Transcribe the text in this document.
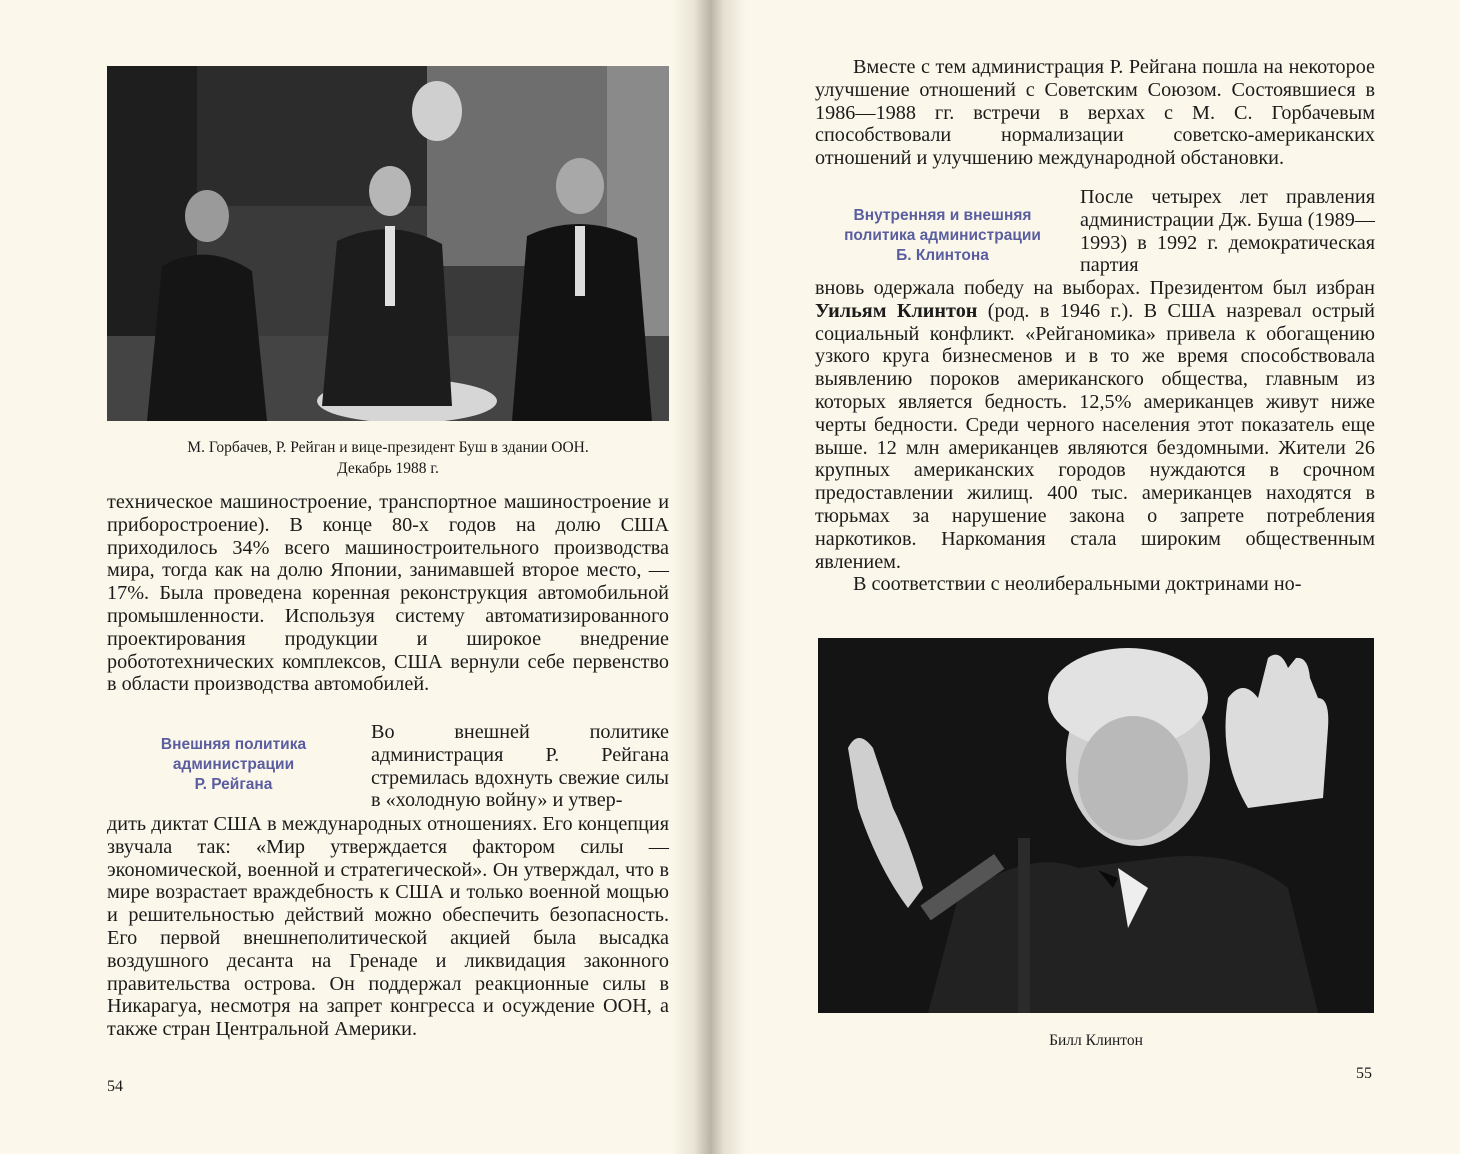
М. Горбачев, Р. Рейган и вице-президент Буш в здании ООН.
Декабрь 1988 г.

техническое машиностроение, транспортное машиностроение и приборостроение). В конце 80-х годов на долю США приходилось 34% всего машиностроительного производства мира, тогда как на долю Японии, занимавшей второе место, — 17%. Была проведена коренная реконструкция автомобильной промышленности. Используя систему автоматизированного проектирования продукции и широкое внедрение робототехнических комплексов, США вернули себе первенство в области производства автомобилей.

Внешняя политика
администрации
Р. Рейгана

Во внешней политике администрация Р. Рейгана стремилась вдохнуть свежие силы в «холодную войну» и утвер-

дить диктат США в международных отношениях. Его концепция звучала так: «Мир утверждается фактором силы — экономической, военной и стратегической». Он утверждал, что в мире возрастает враждебность к США и только военной мощью и решительностью действий можно обеспечить безопасность. Его первой внешнеполитической акцией была высадка воздушного десанта на Гренаде и ликвидация законного правительства острова. Он поддержал реакционные силы в Никарагуа, несмотря на запрет конгресса и осуждение ООН, а также стран Центральной Америки.

54

Вместе с тем администрация Р. Рейгана пошла на некоторое улучшение отношений с Советским Союзом. Состоявшиеся в 1986—1988 гг. встречи в верхах с М. С. Горбачевым способствовали нормализации советско-американских отношений и улучшению международной обстановки.

Внутренняя и внешняя
политика администрации
Б. Клинтона

После четырех лет правления администрации Дж. Буша (1989—1993) в 1992 г. демократическая партия

вновь одержала победу на выборах. Президентом был избран Уильям Клинтон (род. в 1946 г.). В США назревал острый социальный конфликт. «Рейганомика» привела к обогащению узкого круга бизнесменов и в то же время способствовала выявлению пороков американского общества, главным из которых является бедность. 12,5% американцев живут ниже черты бедности. Среди черного населения этот показатель еще выше. 12 млн американцев являются бездомными. Жители 26 крупных американских городов нуждаются в срочном предоставлении жилищ. 400 тыс. американцев находятся в тюрьмах за нарушение закона о запрете потребления наркотиков. Наркомания стала широким общественным явлением.

В соответствии с неолиберальными доктринами но-

Билл Клинтон
55
